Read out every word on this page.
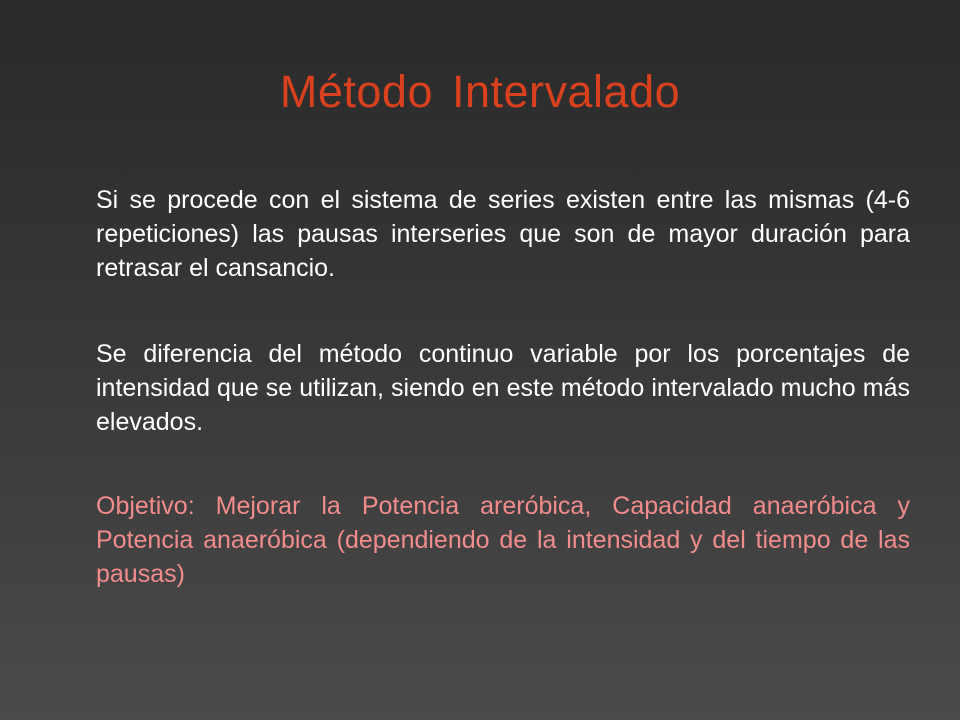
Método Intervalado

Si se procede con el sistema de series existen entre las mismas (4-6 repeticiones) las pausas interseries que son de mayor duración para retrasar el cansancio.

Se diferencia del método continuo variable por los porcentajes de intensidad que se utilizan, siendo en este método intervalado mucho más elevados.

Objetivo: Mejorar la Potencia areróbica, Capacidad anaeróbica y Potencia anaeróbica (dependiendo de la intensidad y del tiempo de las pausas)
